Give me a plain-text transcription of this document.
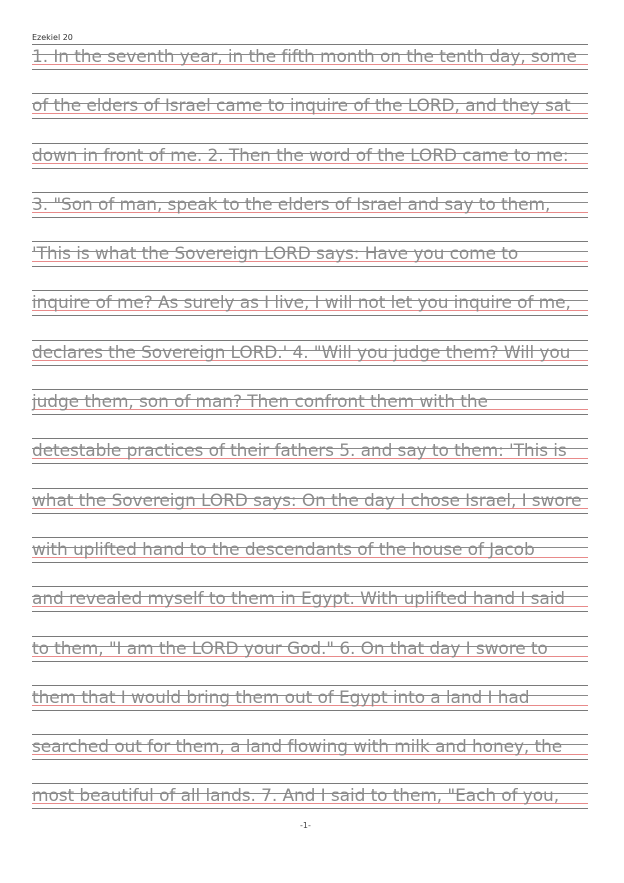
Ezekiel 20
1. In the seventh year, in the fifth month on the tenth day, some
of the elders of Israel came to inquire of the LORD, and they sat
down in front of me. 2. Then the word of the LORD came to me:
3. "Son of man, speak to the elders of Israel and say to them,
'This is what the Sovereign LORD says: Have you come to
inquire of me? As surely as I live, I will not let you inquire of me,
declares the Sovereign LORD.' 4. "Will you judge them? Will you
judge them, son of man? Then confront them with the
detestable practices of their fathers 5. and say to them: 'This is
what the Sovereign LORD says: On the day I chose Israel, I swore
with uplifted hand to the descendants of the house of Jacob
and revealed myself to them in Egypt. With uplifted hand I said
to them, "I am the LORD your God." 6. On that day I swore to
them that I would bring them out of Egypt into a land I had
searched out for them, a land flowing with milk and honey, the
most beautiful of all lands. 7. And I said to them, "Each of you,
-1-
